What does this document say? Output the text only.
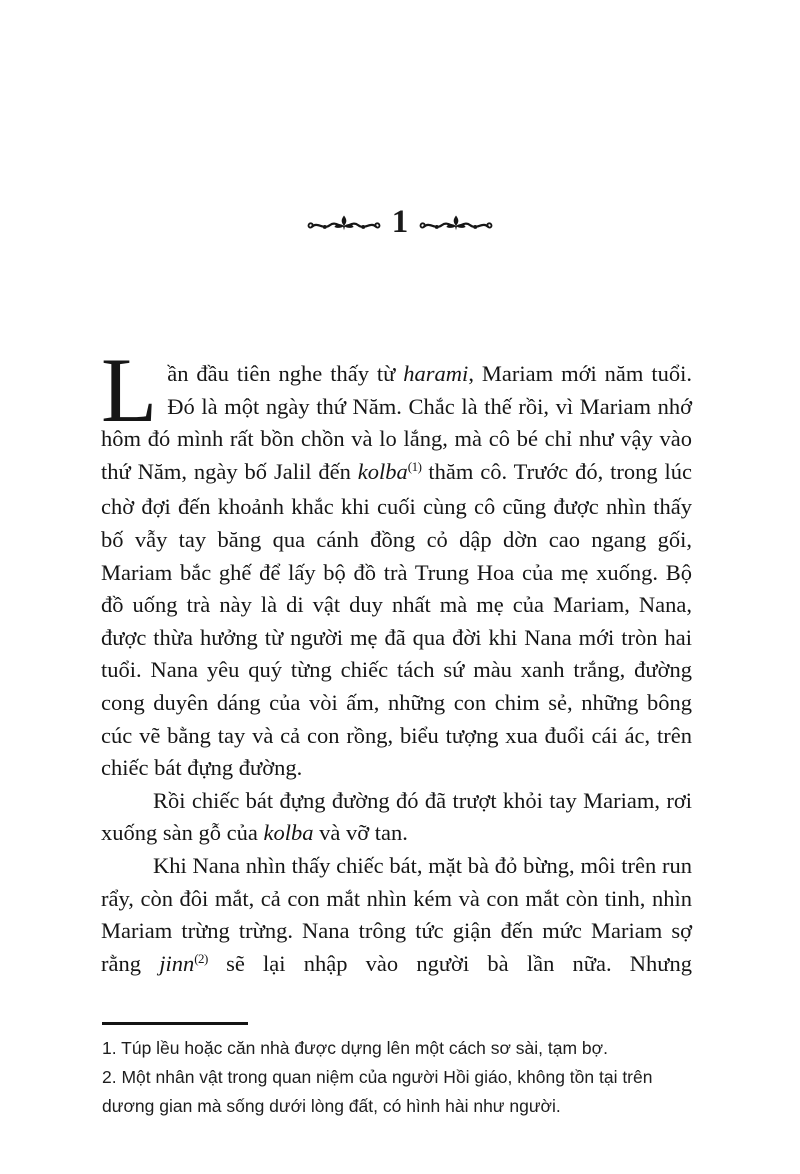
1

Lần đầu tiên nghe thấy từ harami, Mariam mới năm tuổi. Đó là một ngày thứ Năm. Chắc là thế rồi, vì Mariam nhớ hôm đó mình rất bồn chồn và lo lắng, mà cô bé chỉ như vậy vào thứ Năm, ngày bố Jalil đến kolba$^{(1)}$ thăm cô. Trước đó, trong lúc chờ đợi đến khoảnh khắc khi cuối cùng cô cũng được nhìn thấy bố vẫy tay băng qua cánh đồng cỏ dập dờn cao ngang gối, Mariam bắc ghế để lấy bộ đồ trà Trung Hoa của mẹ xuống. Bộ đồ uống trà này là di vật duy nhất mà mẹ của Mariam, Nana, được thừa hưởng từ người mẹ đã qua đời khi Nana mới tròn hai tuổi. Nana yêu quý từng chiếc tách sứ màu xanh trắng, đường cong duyên dáng của vòi ấm, những con chim sẻ, những bông cúc vẽ bằng tay và cả con rồng, biểu tượng xua đuổi cái ác, trên chiếc bát đựng đường.

Rồi chiếc bát đựng đường đó đã trượt khỏi tay Mariam, rơi xuống sàn gỗ của kolba và vỡ tan.

Khi Nana nhìn thấy chiếc bát, mặt bà đỏ bừng, môi trên run rẩy, còn đôi mắt, cả con mắt nhìn kém và con mắt còn tinh, nhìn Mariam trừng trừng. Nana trông tức giận đến mức Mariam sợ rằng jinn$^{(2)}$ sẽ lại nhập vào người bà lần nữa. Nhưng

1. Túp lều hoặc căn nhà được dựng lên một cách sơ sài, tạm bợ.

2. Một nhân vật trong quan niệm của người Hồi giáo, không tồn tại trên dương gian mà sống dưới lòng đất, có hình hài như người.
